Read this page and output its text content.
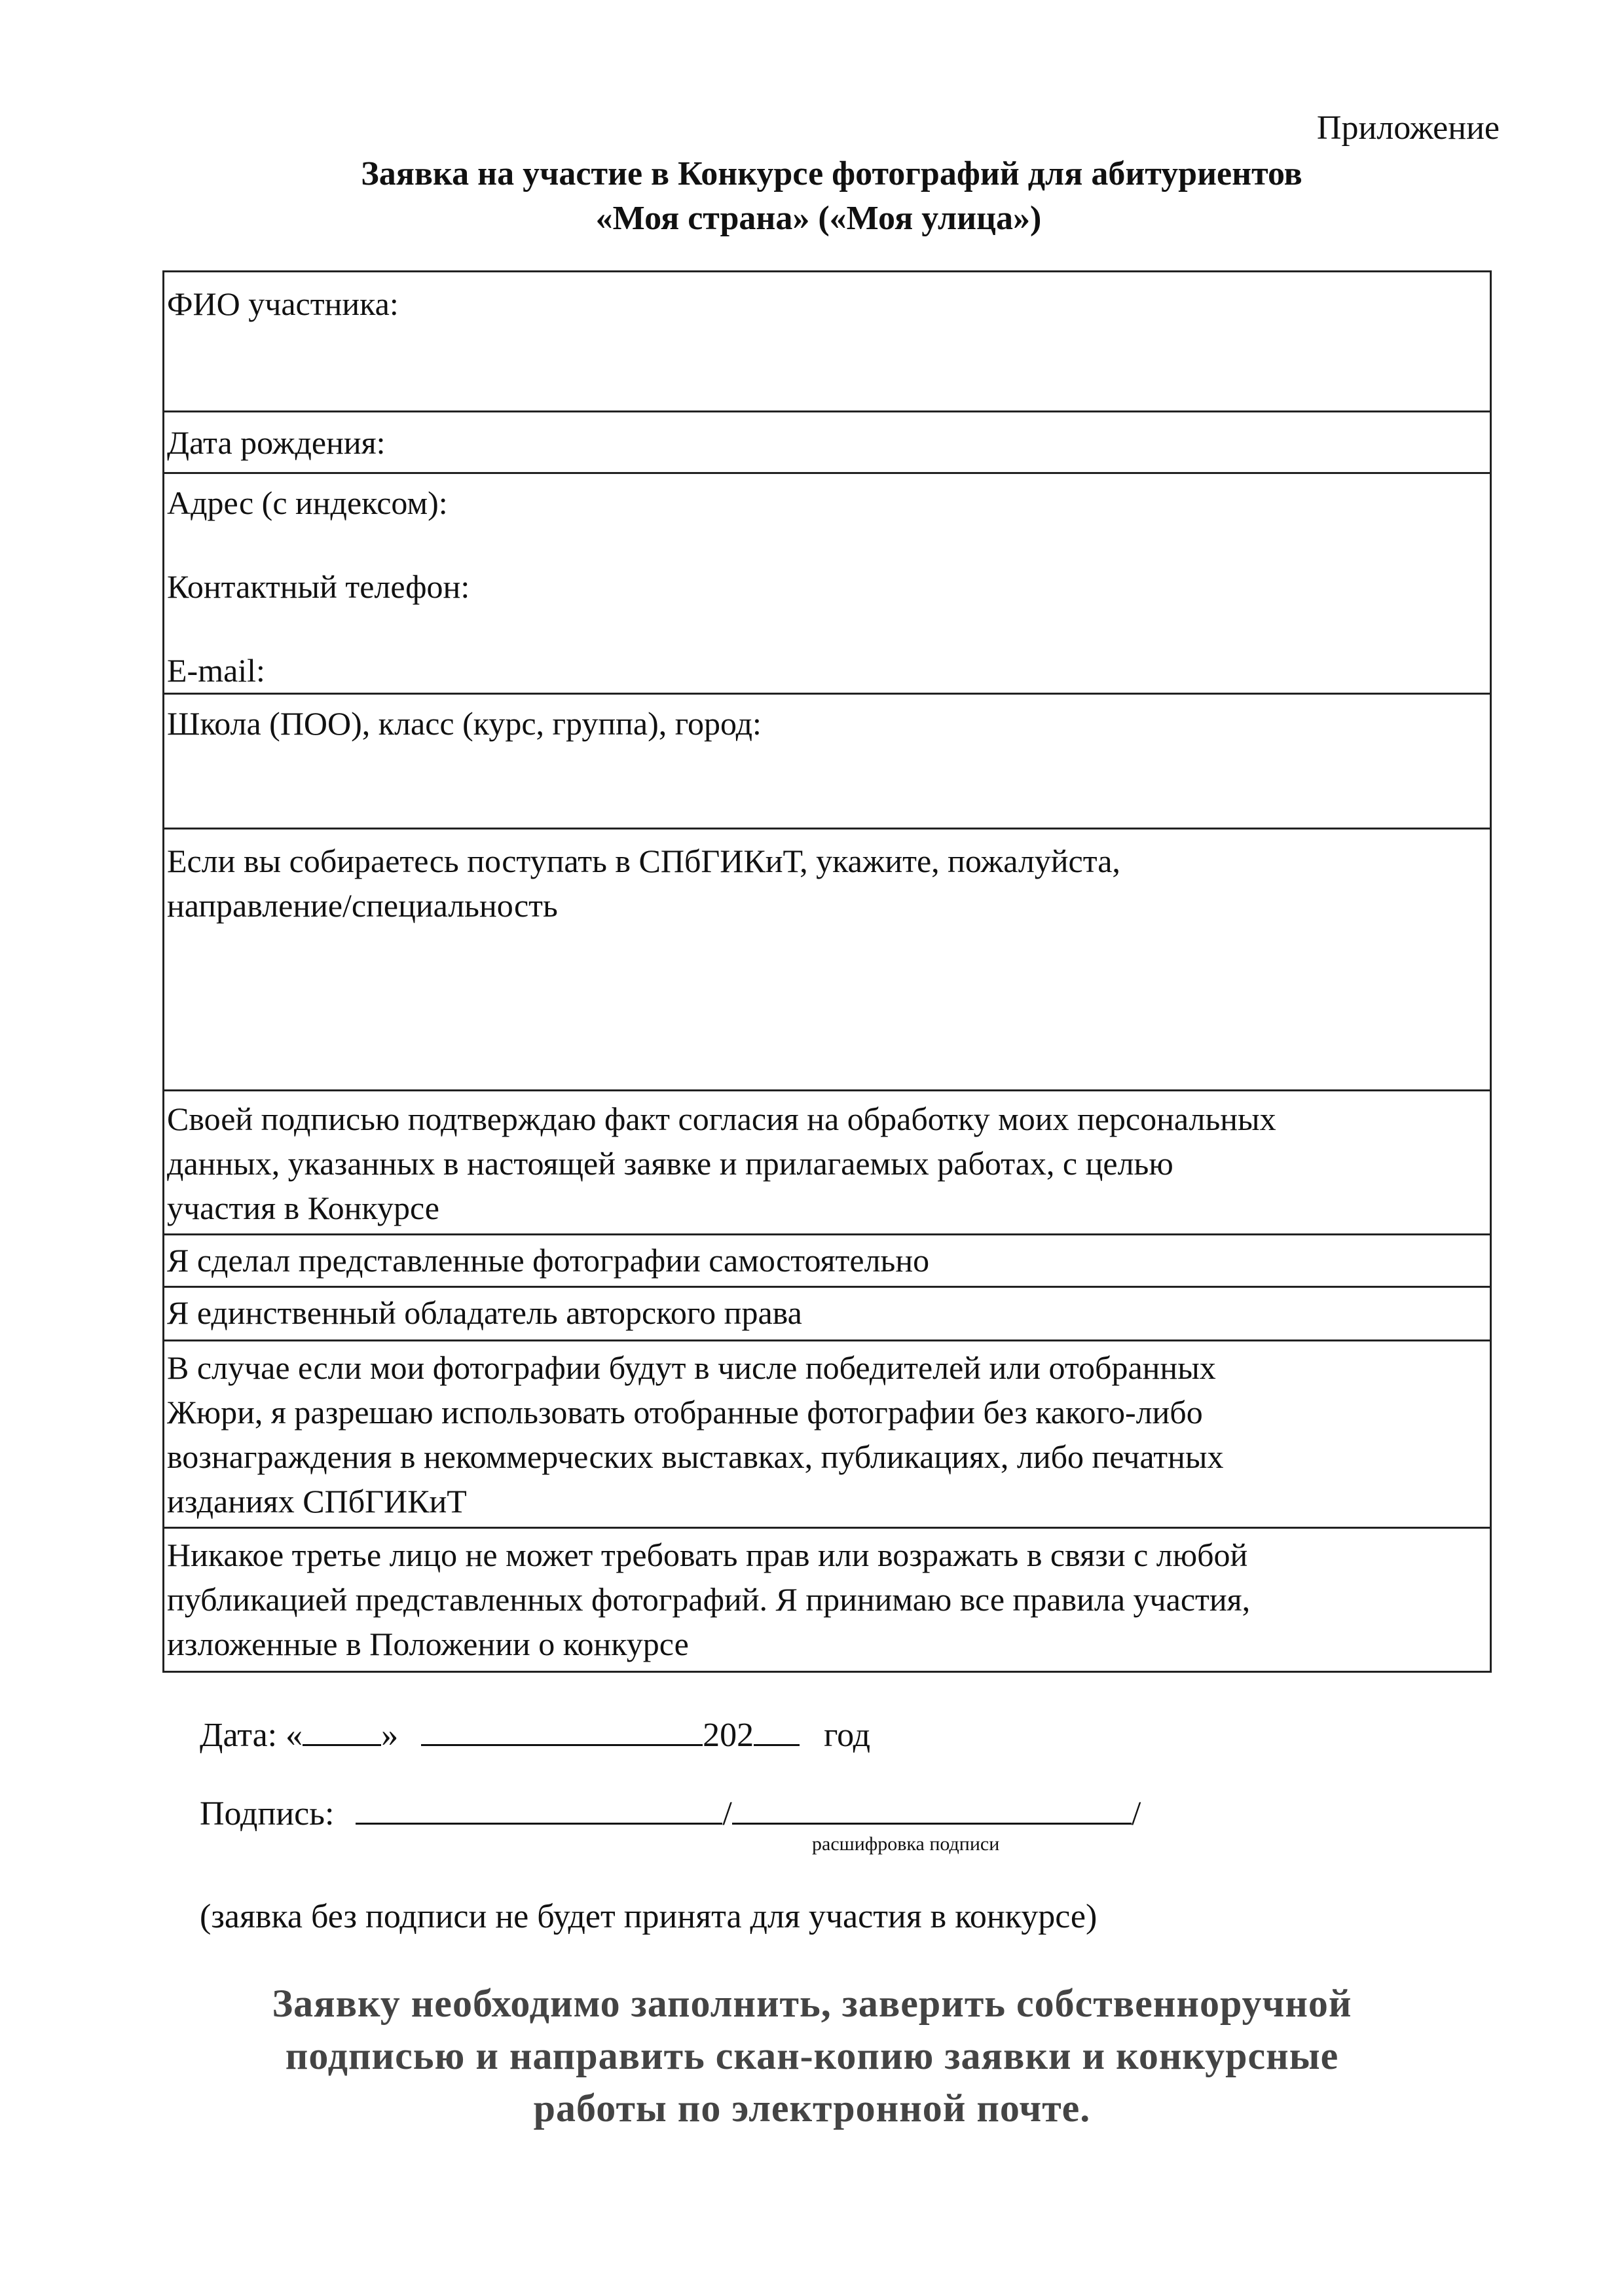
Приложение
Заявка на участие в Конкурсе фотографий для абитуриентов
«Моя страна» («Моя улица»)
ФИО участника:

Дата рождения:

Адрес (с индексом):
Контактный телефон:
E-mail:

Школа (ПОО), класс (курс, группа), город:

Если вы собираетесь поступать в СПбГИКиТ, укажите, пожалуйста,
направление/специальность

Своей подписью подтверждаю факт согласия на обработку моих персональных
данных, указанных в настоящей заявке и прилагаемых работах, с целью
участия в Конкурсе

Я сделал представленные фотографии самостоятельно

Я единственный обладатель авторского права

В случае если мои фотографии будут в числе победителей или отобранных
Жюри, я разрешаю использовать отобранные фотографии без какого-либо
вознаграждения в некоммерческих выставках, публикациях, либо печатных
изданиях СПбГИКиТ

Никакое третье лицо не может требовать прав или возражать в связи с любой
публикацией представленных фотографий. Я принимаю все правила участия,
изложенные в Положении о конкурсе
Дата: « »	202 год
Подпись:	/	/
расшифровка подписи
(заявка без подписи не будет принята для участия в конкурсе)
Заявку необходимо заполнить, заверить собственноручной
подписью и направить скан-копию заявки и конкурсные
работы по электронной почте.
